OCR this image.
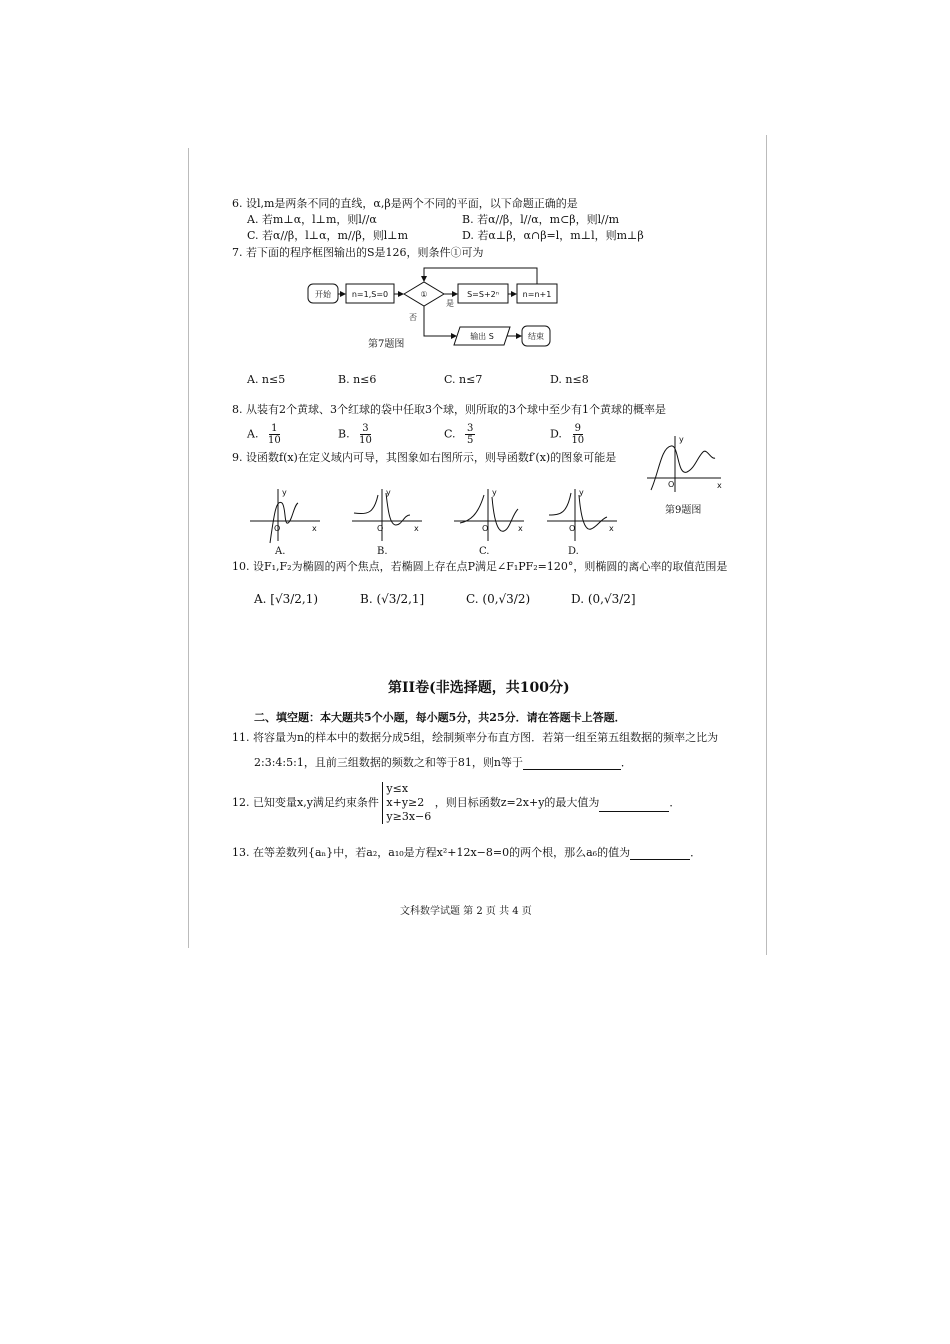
6. 设l,m是两条不同的直线，α,β是两个不同的平面，以下命题正确的是
A. 若m⊥α，l⊥m，则l//α	B. 若α//β，l//α，m⊂β，则l//m
C. 若α//β，l⊥α，m//β，则l⊥m	D. 若α⊥β，α∩β=l，m⊥l，则m⊥β
7. 若下面的程序框图输出的S是126，则条件①可为
开始	n=1,S=0	①	S=S+2ⁿ	n=n+1
是
否
输出 S	结束
第7题图
A. n≤5	B. n≤6	C. n≤7	D. n≤8
8. 从装有2个黄球、3个红球的袋中任取3个球，则所取的3个球中至少有1个黄球的概率是
A. $\frac{1}{10}$	B. $\frac{3}{10}$	C. $\frac{3}{5}$	D. $\frac{9}{10}$
9. 设函数f(x)在定义域内可导，其图象如右图所示，则导函数f′(x)的图象可能是
y
x
O
第9题图
y
x
O
A.
y
x
O
B.
y
x
O
C.
y
x
O
D.
10. 设F₁,F₂为椭圆的两个焦点，若椭圆上存在点P满足∠F₁PF₂=120°，则椭圆的离心率的取值范围是
A. [√3/2,1)	B. (√3/2,1]	C. (0,√3/2)	D. (0,√3/2]
第II卷(非选择题，共100分)
二、填空题：本大题共5个小题，每小题5分，共25分．请在答题卡上答题．
11. 将容量为n的样本中的数据分成5组，绘制频率分布直方图．若第一组至第五组数据的频率之比为
2:3:4:5:1，且前三组数据的频数之和等于81，则n等于	．
12. 已知变量x,y满足约束条件
y≤x
x+y≥2
y≥3x−6
，则目标函数z=2x+y的最大值为	．
13. 在等差数列{aₙ}中，若a₂，a₁₀是方程x²+12x−8=0的两个根，那么a₆的值为	．
文科数学试题 第 2 页 共 4 页
